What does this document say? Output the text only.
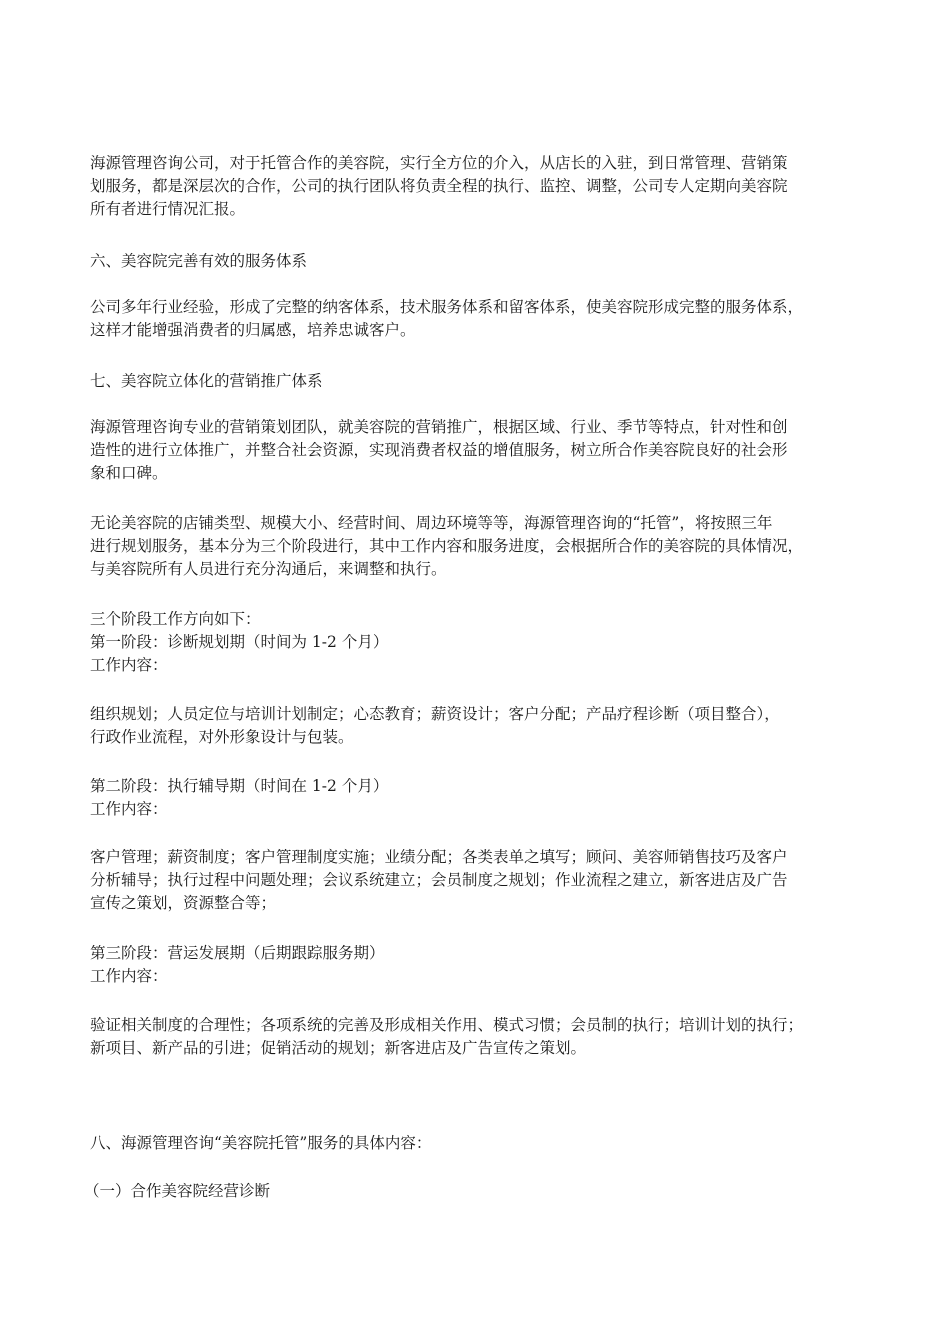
海源管理咨询公司，对于托管合作的美容院，实行全方位的介入，从店长的入驻，到日常管理、营销策
划服务，都是深层次的合作，公司的执行团队将负责全程的执行、监控、调整，公司专人定期向美容院
所有者进行情况汇报。

六、美容院完善有效的服务体系

公司多年行业经验，形成了完整的纳客体系，技术服务体系和留客体系，使美容院形成完整的服务体系，
这样才能增强消费者的归属感，培养忠诚客户。

七、美容院立体化的营销推广体系

海源管理咨询专业的营销策划团队，就美容院的营销推广，根据区域、行业、季节等特点，针对性和创
造性的进行立体推广，并整合社会资源，实现消费者权益的增值服务，树立所合作美容院良好的社会形
象和口碑。

无论美容院的店铺类型、规模大小、经营时间、周边环境等等，海源管理咨询的“托管”，将按照三年
进行规划服务，基本分为三个阶段进行，其中工作内容和服务进度，会根据所合作的美容院的具体情况，
与美容院所有人员进行充分沟通后，来调整和执行。

三个阶段工作方向如下：
第一阶段：诊断规划期（时间为 1-2 个月）
工作内容：

组织规划；人员定位与培训计划制定；心态教育；薪资设计；客户分配；产品疗程诊断（项目整合），
行政作业流程，对外形象设计与包装。

第二阶段：执行辅导期（时间在 1-2 个月）
工作内容：

客户管理；薪资制度；客户管理制度实施；业绩分配；各类表单之填写；顾问、美容师销售技巧及客户
分析辅导；执行过程中问题处理；会议系统建立；会员制度之规划；作业流程之建立，新客进店及广告
宣传之策划，资源整合等；

第三阶段：营运发展期（后期跟踪服务期）
工作内容：

验证相关制度的合理性；各项系统的完善及形成相关作用、模式习惯；会员制的执行；培训计划的执行；
新项目、新产品的引进；促销活动的规划；新客进店及广告宣传之策划。

八、海源管理咨询“美容院托管”服务的具体内容：

（一）合作美容院经营诊断
